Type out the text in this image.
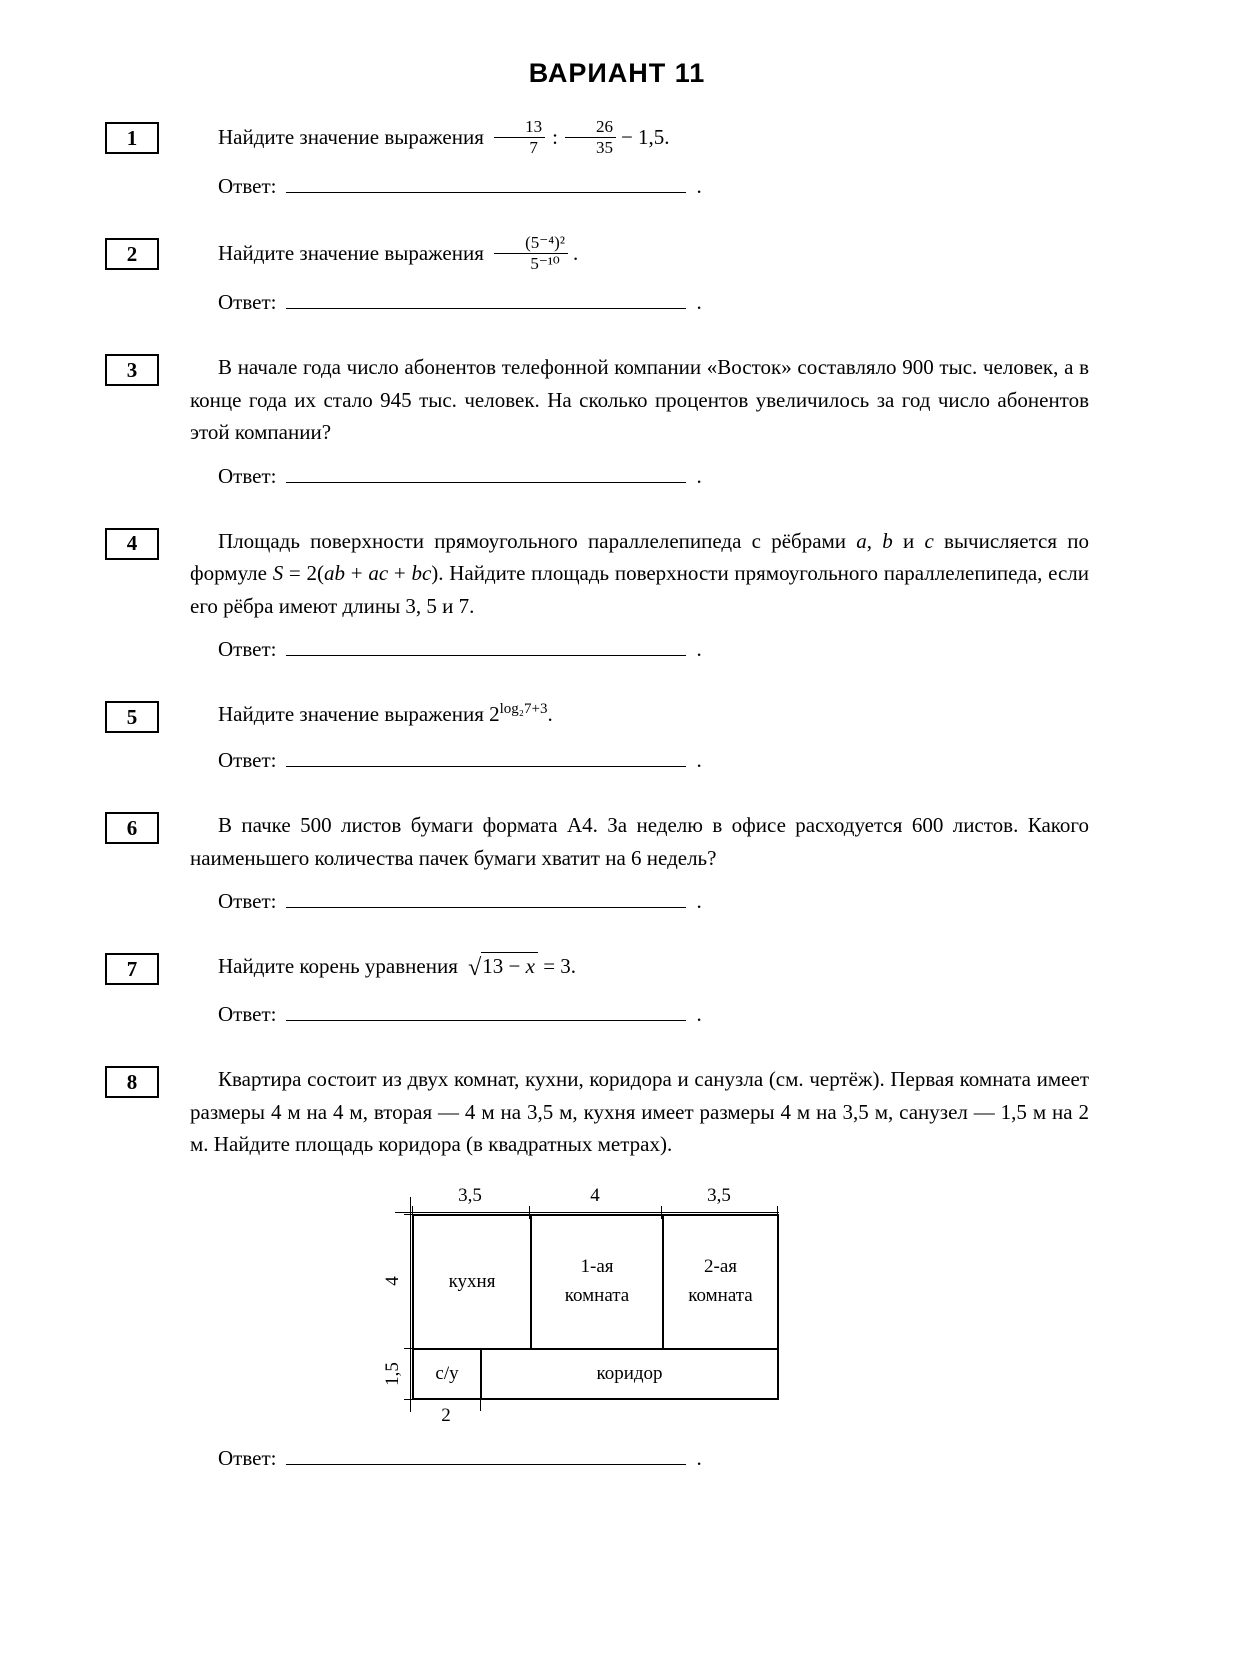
ВАРИАНТ 11
1	Найдите значение выражения $\frac{13}{7}$ : $\frac{26}{35} - 1,5$.
Ответ:	.
2	Найдите значение выражения $\frac{\text{(5⁻⁴)²}}{\text{5⁻¹⁰}}$ .
Ответ:	.
3	В начале года число абонентов телефонной компании «Восток» составляло 900 тыс. человек, а в конце года их стало 945 тыс. человек. На сколько процентов увеличилось за год число абонентов этой компании?
Ответ:	.
4	Площадь поверхности прямоугольного параллелепипеда с рёбрами a, b и c вычисляется по формуле S = 2(ab + ac + bc). Найдите площадь поверхности прямоугольного параллелепипеда, если его рёбра имеют длины 3, 5 и 7.
Ответ:	.
5	Найдите значение выражения $2^{log_27+3}$.
Ответ:	.
6	В пачке 500 листов бумаги формата А4. За неделю в офисе расходуется 600 листов. Какого наименьшего количества пачек бумаги хватит на 6 недель?
Ответ:	.
7	Найдите корень уравнения √13 − x = 3.
Ответ:	.
8	Квартира состоит из двух комнат, кухни, коридора и санузла (см. чертёж). Первая комната имеет размеры 4 м на 4 м, вторая — 4 м на 3,5 м, кухня имеет размеры 4 м на 3,5 м, санузел — 1,5 м на 2 м. Найдите площадь коридора (в квадратных метрах).
3,5	4	3,5
4
1,5
2
кухня
1-ая
комната
2-ая
комната
с/у	коридор
Ответ:	.
